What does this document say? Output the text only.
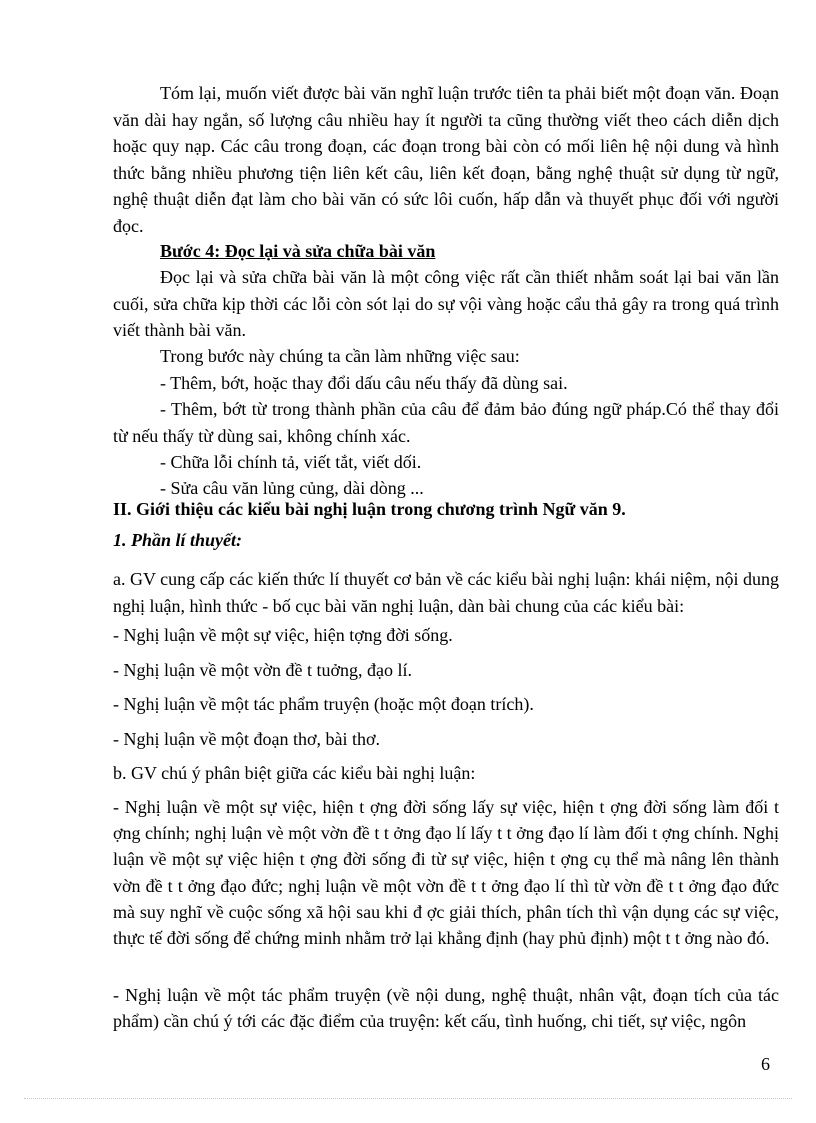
Tóm lại, muốn viết được bài văn nghĩ luận trước tiên ta phải biết một đoạn văn. Đoạn văn dài hay ngắn, số lượng câu nhiều hay ít người ta cũng thường viết theo cách diễn dịch hoặc quy nạp. Các câu trong đoạn, các đoạn trong bài còn có mối liên hệ nội dung và hình thức bằng nhiều phương tiện liên kết câu, liên kết đoạn, bằng nghệ thuật sử dụng từ ngữ, nghệ thuật diễn đạt làm cho bài văn có sức lôi cuốn, hấp dẫn và thuyết phục đối với người đọc.
Bước 4: Đọc lại và sửa chữa bài văn
Đọc lại và sửa chữa bài văn là một công việc rất cần thiết nhằm soát lại bai văn lần cuối, sửa chữa kịp thời các lỗi còn sót lại do sự vội vàng hoặc cẩu thả gây ra trong quá trình viết thành bài văn.
Trong bước này chúng ta cần làm những việc sau:
- Thêm, bớt, hoặc thay đổi dấu câu nếu thấy đã dùng sai.
- Thêm, bớt từ trong thành phần của câu để đảm bảo đúng ngữ pháp.Có thể thay đổi từ nếu thấy từ dùng sai, không chính xác.
- Chữa lỗi chính tả, viết tắt, viết dối.
- Sửa câu văn lủng củng, dài dòng ...
II. Giới thiệu các kiểu bài nghị luận trong chương trình Ngữ văn 9.
1. Phần lí thuyết:
a. GV cung cấp các kiến thức lí thuyết cơ bản về các kiểu bài nghị luận: khái niệm, nội dung nghị luận, hình thức - bố cục bài văn nghị luận, dàn bài chung của các kiểu bài:
- Nghị luận về một sự việc, hiện tợng đời sống.
- Nghị luận về một vờn đề t tuởng, đạo lí.
- Nghị luận về một tác phẩm truyện (hoặc một đoạn trích).
- Nghị luận về một đoạn thơ, bài thơ.
b. GV chú ý phân biệt giữa các kiểu bài nghị luận:
- Nghị luận về một sự việc, hiện t ợng đời sống lấy sự việc, hiện t ợng đời sống làm đối t ợng chính; nghị luận vè một vờn đề t t ởng đạo lí lấy t t ởng đạo lí làm đối t ợng chính. Nghị luận về một sự việc hiện t ợng đời sống đi từ sự việc, hiện t ợng cụ thể mà nâng lên thành vờn đề t t ởng đạo đức; nghị luận về một vờn đề t t ởng đạo lí thì từ vờn đề t t ởng đạo đức mà suy nghĩ về cuộc sống xã hội sau khi đ ợc giải thích, phân tích thì vận dụng các sự việc, thực tế đời sống để chứng minh nhằm trở lại khẳng định (hay phủ định) một t t ởng nào đó.
- Nghị luận về một tác phẩm truyện (về nội dung, nghệ thuật, nhân vật, đoạn tích của tác phẩm) cần chú ý tới các đặc điểm của truyện: kết cấu, tình huống, chi tiết, sự việc, ngôn
6
